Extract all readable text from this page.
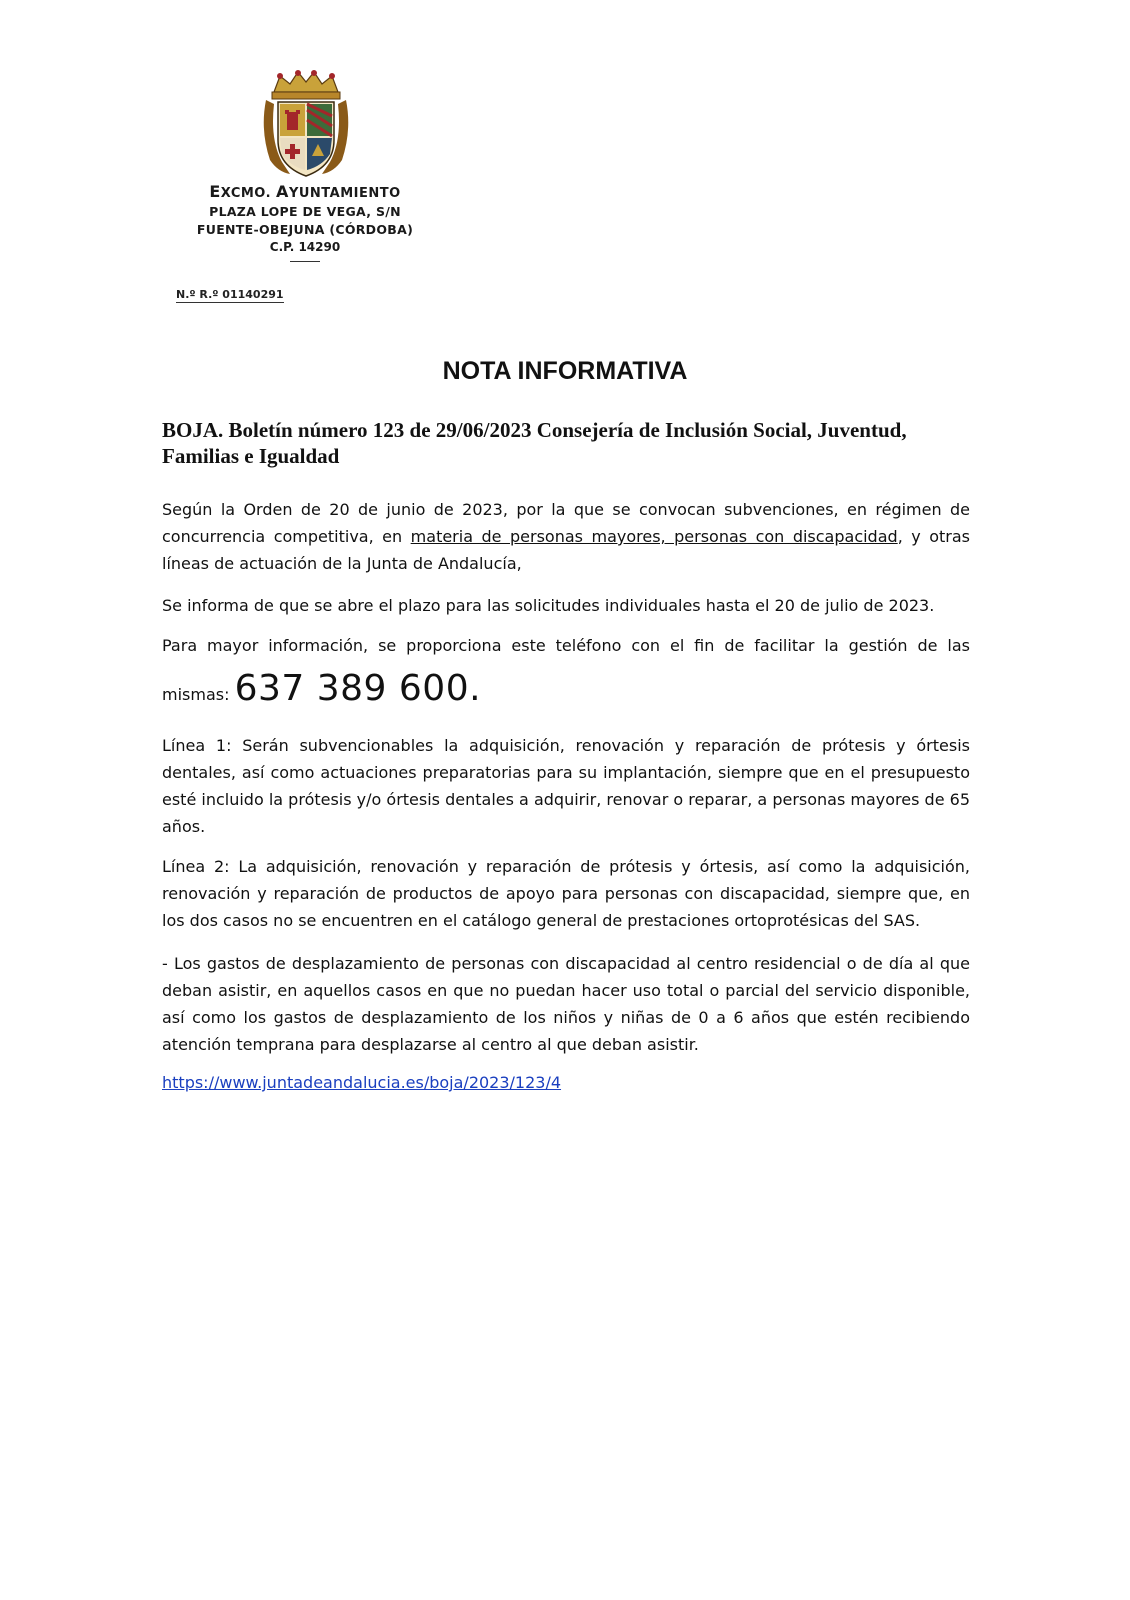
EXCMO. AYUNTAMIENTO
PLAZA LOPE DE VEGA, S/N
FUENTE-OBEJUNA (CÓRDOBA)
C.P. 14290
N.º R.º 01140291
NOTA INFORMATIVA
BOJA. Boletín número 123 de 29/06/2023 Consejería de Inclusión Social, Juventud, Familias e Igualdad
Según la Orden de 20 de junio de 2023, por la que se convocan subvenciones, en régimen de concurrencia competitiva, en materia de personas mayores, personas con discapacidad, y otras líneas de actuación de la Junta de Andalucía,
Se informa de que se abre el plazo para las solicitudes individuales hasta el 20 de julio de 2023.
Para mayor información, se proporciona este teléfono con el fin de facilitar la gestión de las
mismas: 637 389 600.
Línea 1: Serán subvencionables la adquisición, renovación y reparación de prótesis y órtesis dentales, así como actuaciones preparatorias para su implantación, siempre que en el presupuesto esté incluido la prótesis y/o órtesis dentales a adquirir, renovar o reparar, a personas mayores de 65 años.
Línea 2: La adquisición, renovación y reparación de prótesis y órtesis, así como la adquisición, renovación y reparación de productos de apoyo para personas con discapacidad, siempre que, en los dos casos no se encuentren en el catálogo general de prestaciones ortoprotésicas del SAS.
- Los gastos de desplazamiento de personas con discapacidad al centro residencial o de día al que deban asistir, en aquellos casos en que no puedan hacer uso total o parcial del servicio disponible, así como los gastos de desplazamiento de los niños y niñas de 0 a 6 años que estén recibiendo atención temprana para desplazarse al centro al que deban asistir.
https://www.juntadeandalucia.es/boja/2023/123/4
